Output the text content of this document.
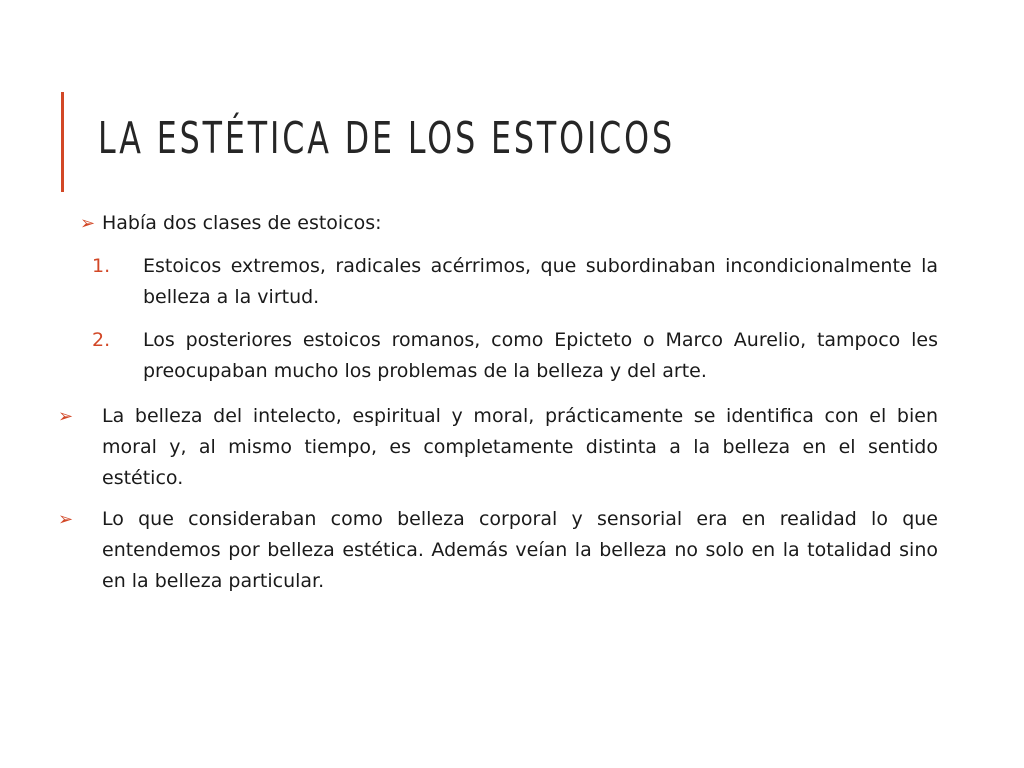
LA ESTÉTICA DE LOS ESTOICOS

➢ Había dos clases de estoicos:

1. Estoicos extremos, radicales acérrimos, que subordinaban incondicionalmente la belleza a la virtud.

2. Los posteriores estoicos romanos, como Epicteto o Marco Aurelio, tampoco les preocupaban mucho los problemas de la belleza y del arte.

➢ La belleza del intelecto, espiritual y moral, prácticamente se identifica con el bien moral y, al mismo tiempo, es completamente distinta a la belleza en el sentido estético.

➢ Lo que consideraban como belleza corporal y sensorial era en realidad lo que entendemos por belleza estética. Además veían la belleza no solo en la totalidad sino en la belleza particular.
